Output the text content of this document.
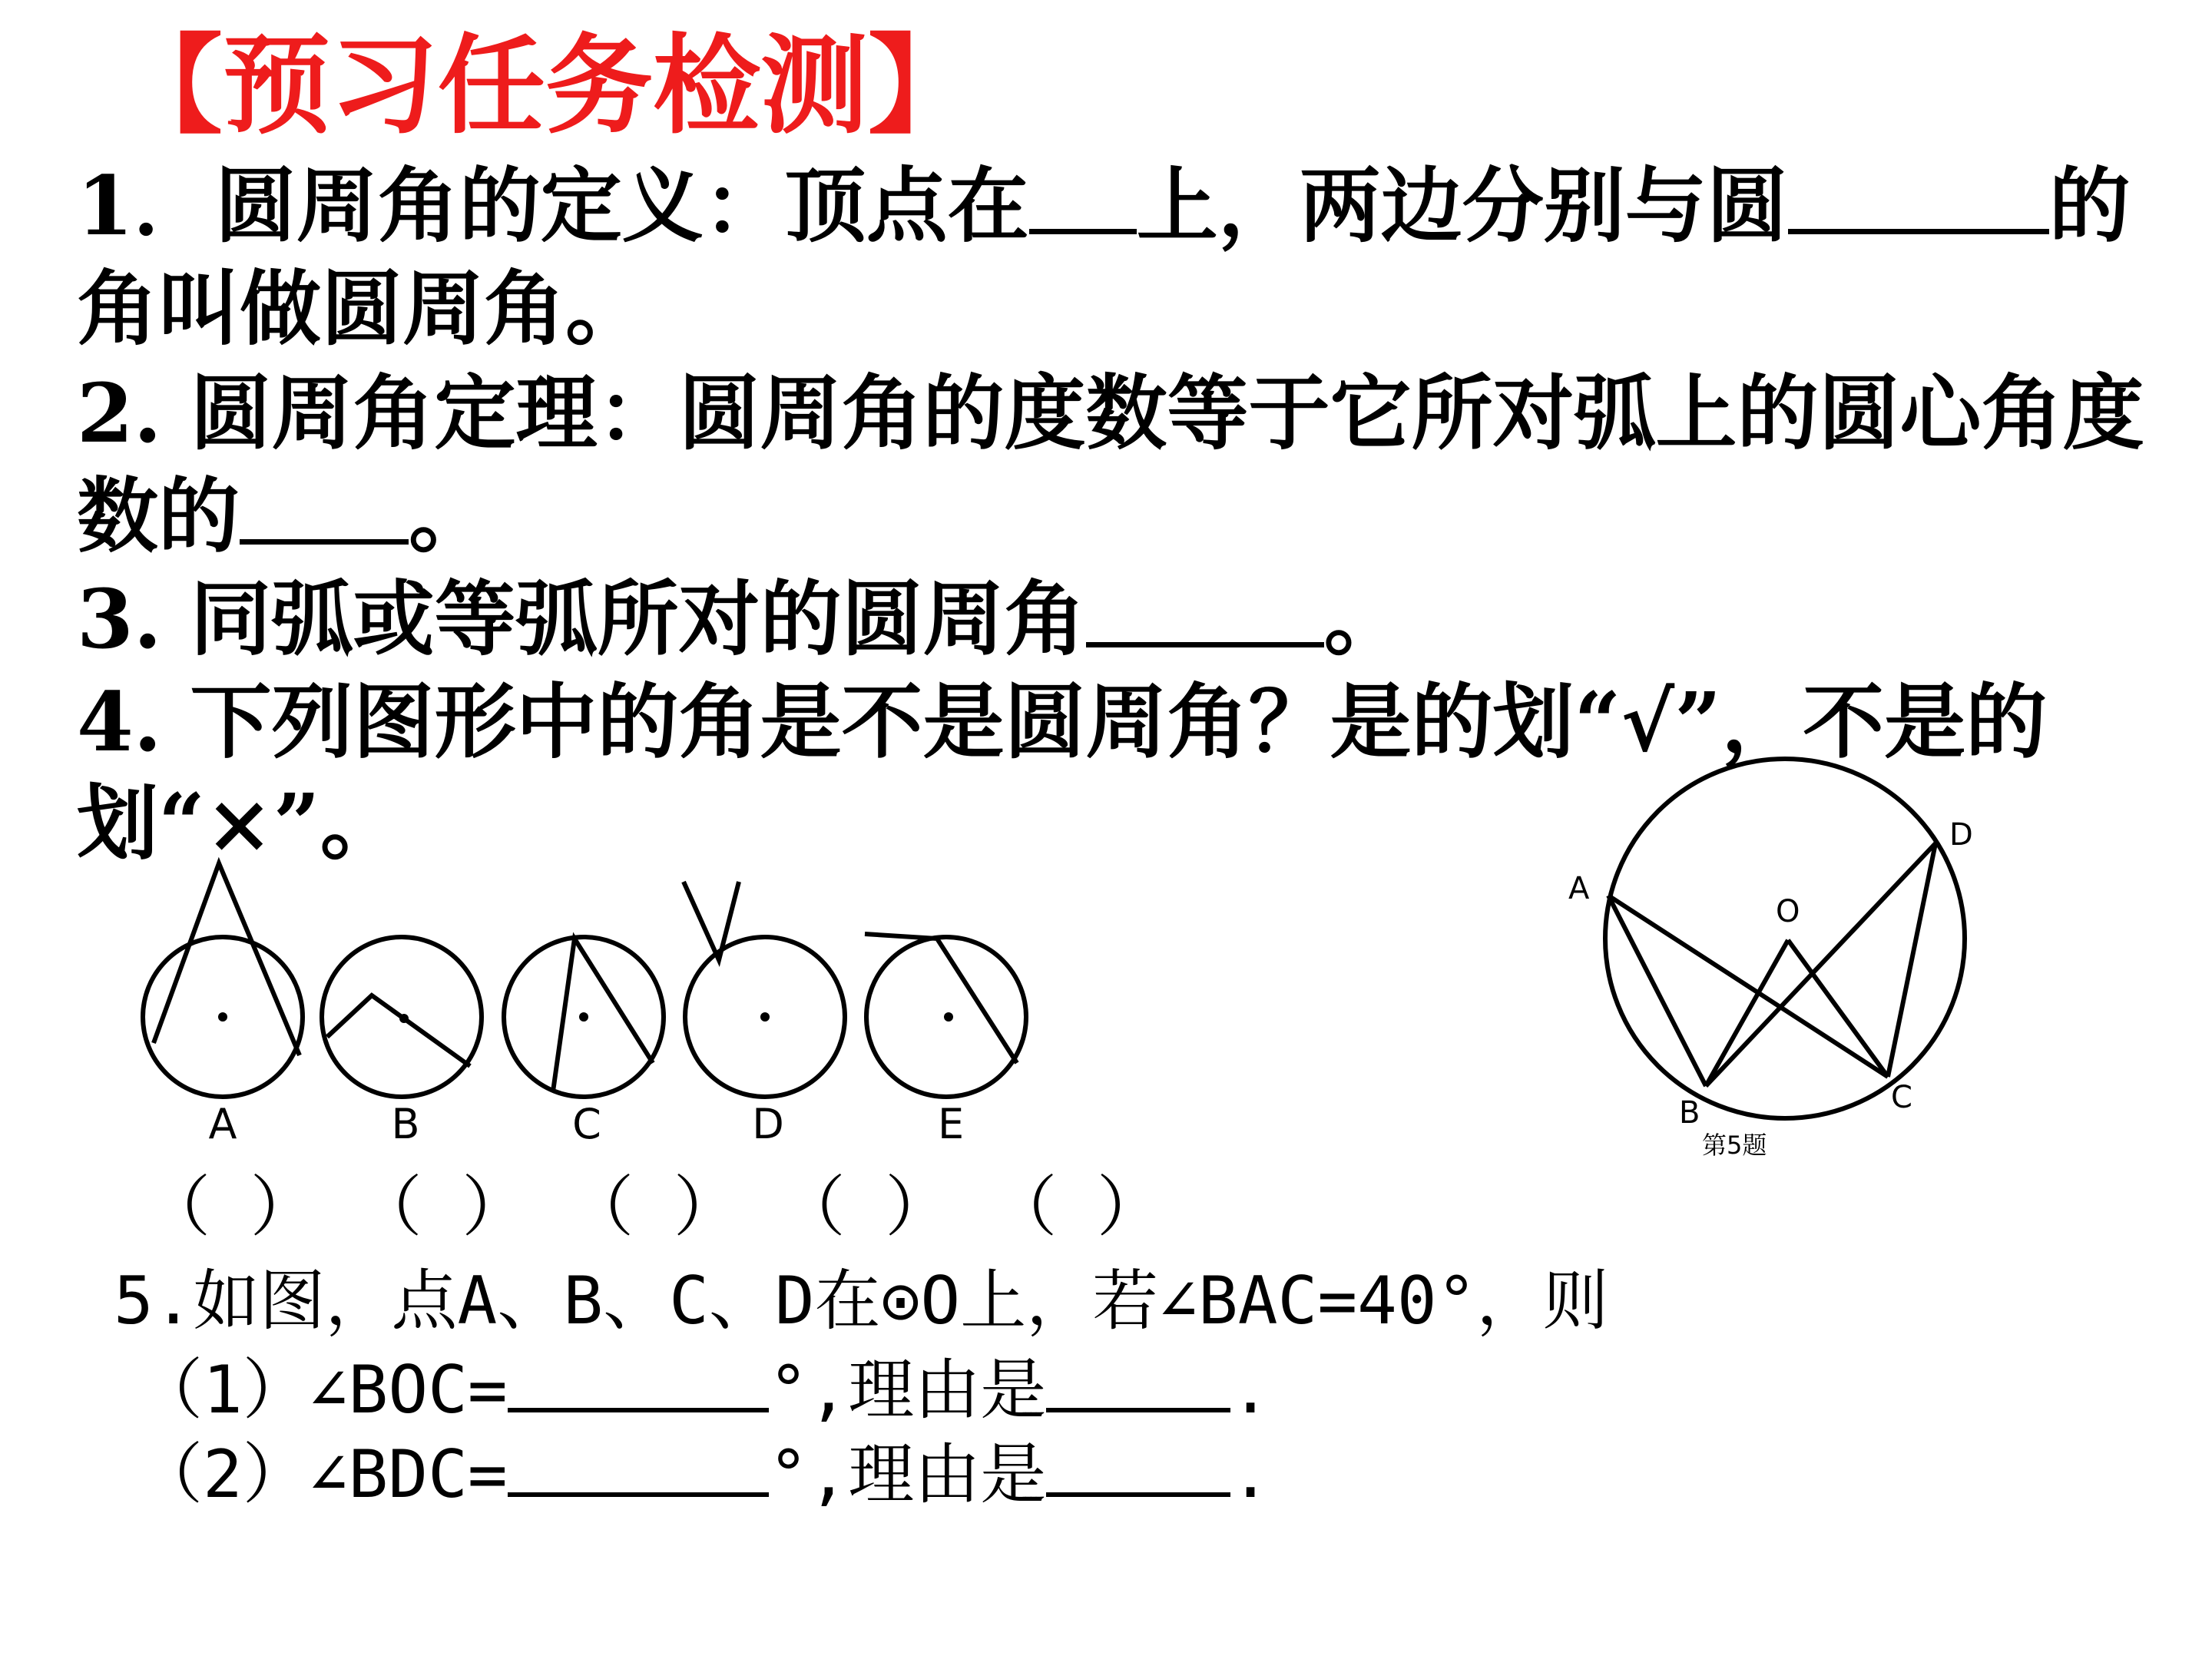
【预习任务检测】

1．圆周角的定义：顶点在 上，两边分别与圆	的

角叫做圆周角。

2. 圆周角定理：圆周角的度数等于它所对弧上的圆心角度

数的 。

3. 同弧或等弧所对的圆周角	。

4. 下列图形中的角是不是圆周角？是的划“√”，不是的

划“×”。

A	B	C	D	E
A
B	C
D
O
第5题

（ ） （ ） （ ） （ ） （ ）

5.如图，点A、B、C、D在⊙O上，若∠BAC=40°，则

（1）∠BOC=	°,理由是	.

（2）∠BDC=	°,理由是	.
